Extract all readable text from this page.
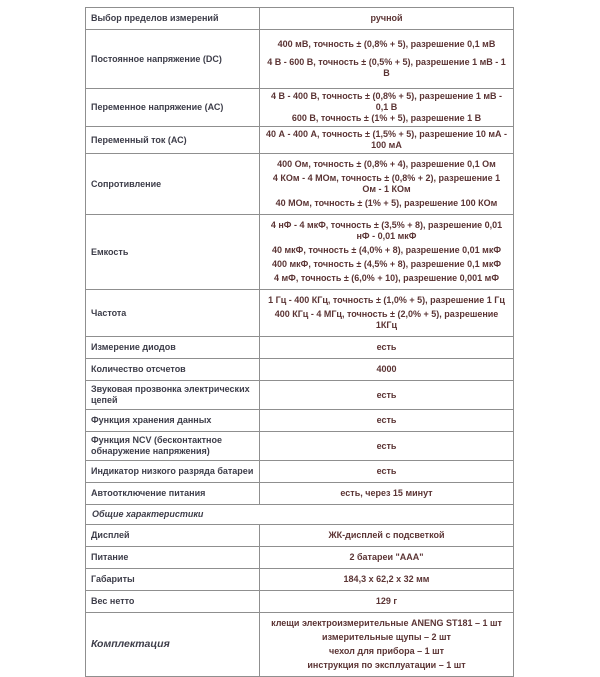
Выбор пределов измерений	ручной

Постоянное напряжение (DC)	400 мВ, точность ± (0,8% + 5), разрешение 0,1 мВ
4 В - 600 В, точность ± (0,5% + 5), разрешение 1 мВ - 1 В

Переменное напряжение (АС)	4 В - 400 В, точность ± (0,8% + 5), разрешение 1 мВ - 0,1 В
600 В, точность ± (1% + 5), разрешение 1 В

Переменный ток (АС)	40 А - 400 А, точность ± (1,5% + 5), разрешение 10 мА - 100 мА

Сопротивление	400 Ом, точность ± (0,8% + 4), разрешение 0,1 Ом
4 КОм - 4 МОм, точность ± (0,8% + 2), разрешение 1 Ом - 1 КОм
40 МОм, точность ± (1% + 5), разрешение 100 КОм

Емкость	4 нФ - 4 мкФ, точность ± (3,5% + 8), разрешение 0,01 нФ - 0,01 мкФ
40 мкФ, точность ± (4,0% + 8), разрешение 0,01 мкФ
400 мкФ, точность ± (4,5% + 8), разрешение 0,1 мкФ
4 мФ, точность ± (6,0% + 10), разрешение 0,001 мФ

Частота	1 Гц - 400 КГц, точность ± (1,0% + 5), разрешение 1 Гц
400 КГц - 4 МГц, точность ± (2,0% + 5), разрешение 1КГц

Измерение диодов	есть

Количество отсчетов	4000

Звуковая прозвонка электрических цепей	есть

Функция хранения данных	есть

Функция NCV (бесконтактное обнаружение напряжения)	есть

Индикатор низкого разряда батареи	есть

Автоотключение питания	есть, через 15 минут

Общие характеристики	
Дисплей	ЖК-дисплей с подсветкой

Питание	2 батареи "ААА"

Габариты	184,3 х 62,2 х 32 мм

Вес нетто	129 г

Комплектация	клещи электроизмерительные ANENG ST181 – 1 шт
измерительные щупы – 2 шт
чехол для прибора – 1 шт
инструкция по эксплуатации – 1 шт
